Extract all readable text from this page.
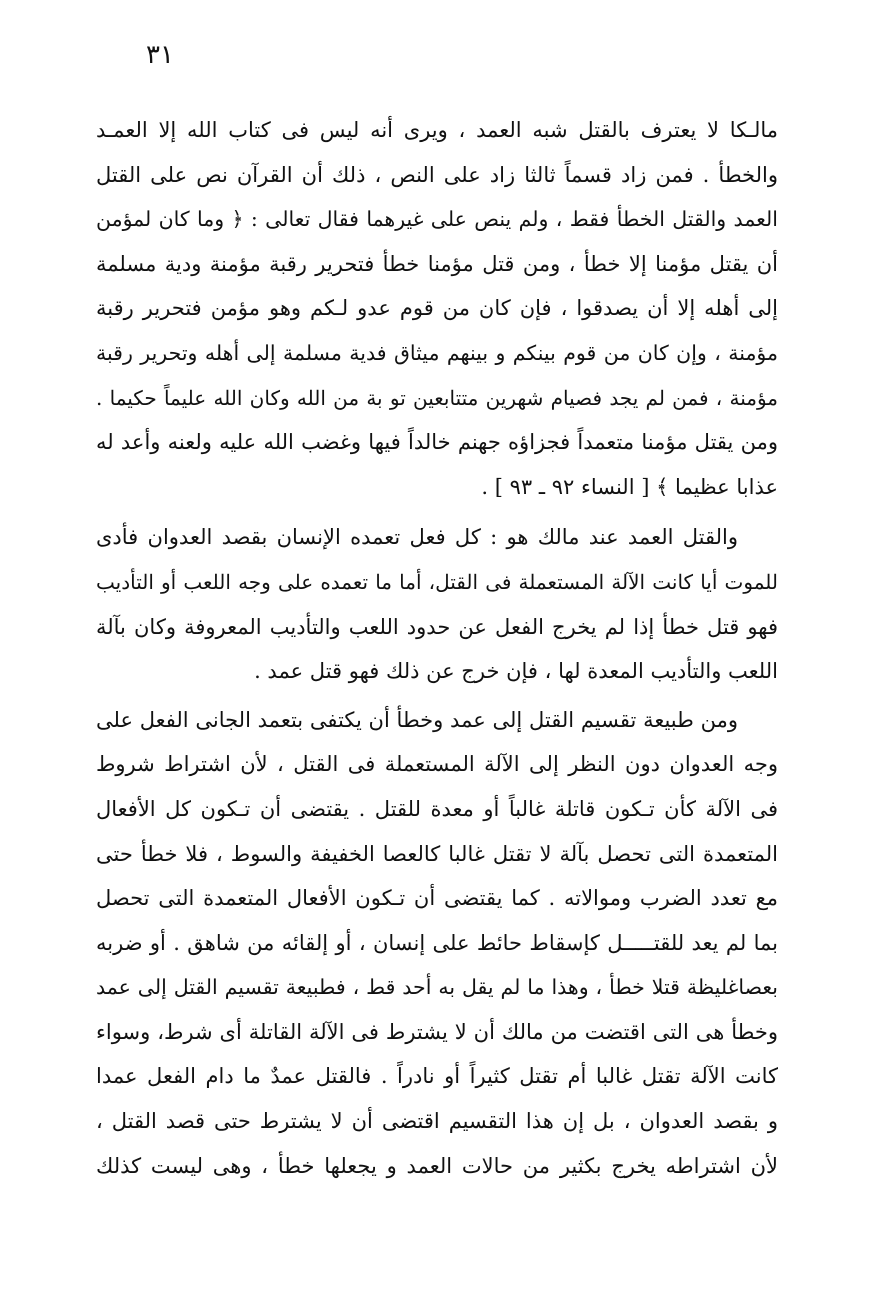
٣١
مالـكا لا يعترف بالقتل شبه العمد ، ويرى أنه ليس فى كتاب الله إلا العمـد
والخطأ . فمن زاد قسماً ثالثا زاد على النص ، ذلك أن القرآن نص على القتل
العمد والقتل الخطأ فقط ، ولم ينص على غيرهما فقال تعالى : ﴿ وما كان لمؤمن
أن يقتل مؤمنا إلا خطأ ، ومن قتل مؤمنا خطأ فتحرير رقبة مؤمنة ودية مسلمة
إلى أهله إلا أن يصدقوا ، فإن كان من قوم عدو لـكم وهو مؤمن فتحرير رقبة
مؤمنة ، وإن كان من قوم بينكم و بينهم ميثاق فدية مسلمة إلى أهله وتحرير رقبة
مؤمنة ، فمن لم يجد فصيام شهرين متتابعين تو بة من الله وكان الله عليماً حكيما .
ومن يقتل مؤمنا متعمداً فجزاؤه جهنم خالداً فيها وغضب الله عليه ولعنه وأعد له
عذابا عظيما ﴾ [ النساء ٩٢ ـ ٩٣ ] .
والقتل العمد عند مالك هو : كل فعل تعمده الإنسان بقصد العدوان فأدى
للموت أيا كانت الآلة المستعملة فى القتل، أما ما تعمده على وجه اللعب أو التأديب
فهو قتل خطأ إذا لم يخرج الفعل عن حدود اللعب والتأديب المعروفة وكان بآلة
اللعب والتأديب المعدة لها ، فإن خرج عن ذلك فهو قتل عمد .
ومن طبيعة تقسيم القتل إلى عمد وخطأ أن يكتفى بتعمد الجانى الفعل على
وجه العدوان دون النظر إلى الآلة المستعملة فى القتل ، لأن اشتراط شروط
فى الآلة كأن تـكون قاتلة غالباً أو معدة للقتل . يقتضى أن تـكون كل الأفعال
المتعمدة التى تحصل بآلة لا تقتل غالبا كالعصا الخفيفة والسوط ، فلا خطأ حتى
مع تعدد الضرب وموالاته . كما يقتضى أن تـكون الأفعال المتعمدة التى تحصل
بما لم يعد للقتـــــل كإسقاط حائط على إنسان ، أو إلقائه من شاهق . أو ضربه
بعصاغليظة قتلا خطأ ، وهذا ما لم يقل به أحد قط ، فطبيعة تقسيم القتل إلى عمد
وخطأ هى التى اقتضت من مالك أن لا يشترط فى الآلة القاتلة أى شرط، وسواء
كانت الآلة تقتل غالبا أم تقتل كثيراً أو نادراً . فالقتل عمدٌ ما دام الفعل عمدا
و بقصد العدوان ، بل إن هذا التقسيم اقتضى أن لا يشترط حتى قصد القتل ،
لأن اشتراطه يخرج بكثير من حالات العمد و يجعلها خطأ ، وهى ليست كذلك
